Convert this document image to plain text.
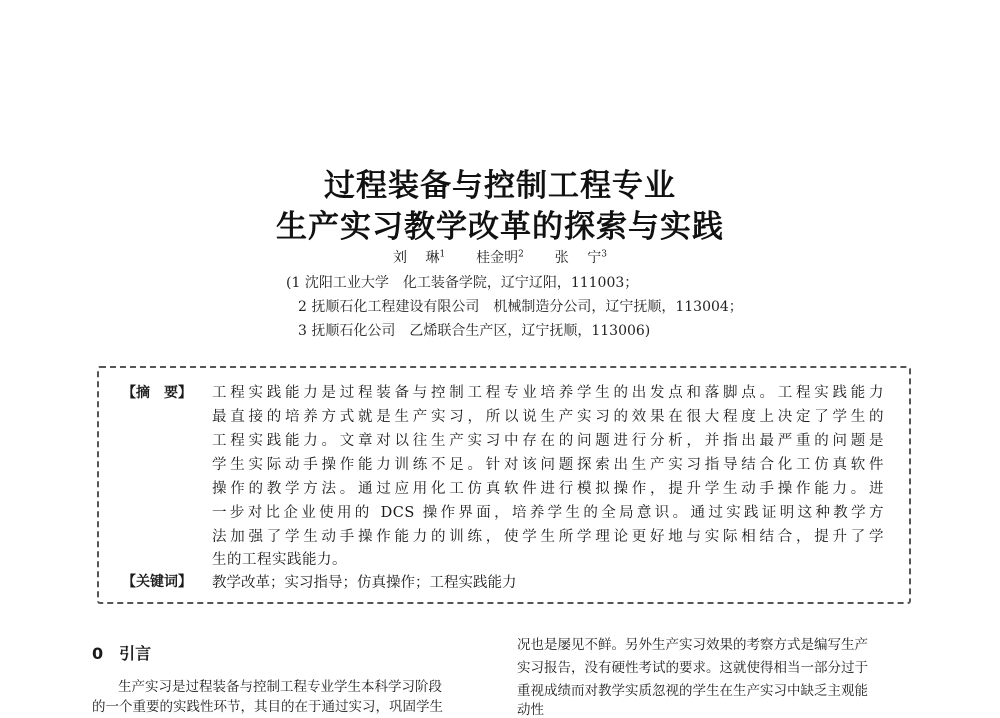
过程装备与控制工程专业
生产实习教学改革的探索与实践
刘　 琳$^1$ 桂金明$^2$ 张　 宁$^3$
(1 沈阳工业大学　化工装备学院，辽宁辽阳，111003；
2 抚顺石化工程建设有限公司　机械制造分公司，辽宁抚顺，113004；
3 抚顺石化公司　乙烯联合生产区，辽宁抚顺，113006)
【摘　要】 工程实践能力是过程装备与控制工程专业培养学生的出发点和落脚点。工程实践能力
最直接的培养方式就是生产实习，所以说生产实习的效果在很大程度上决定了学生的
工程实践能力。文章对以往生产实习中存在的问题进行分析，并指出最严重的问题是
学生实际动手操作能力训练不足。针对该问题探索出生产实习指导结合化工仿真软件
操作的教学方法。通过应用化工仿真软件进行模拟操作，提升学生动手操作能力。进
一步对比企业使用的 DCS 操作界面，培养学生的全局意识。通过实践证明这种教学方
法加强了学生动手操作能力的训练，使学生所学理论更好地与实际相结合，提升了学
生的工程实践能力。
【关键词】 教学改革；实习指导；仿真操作；工程实践能力
0　引言
生产实习是过程装备与控制工程专业学生本科学习阶段
的一个重要的实践性环节，其目的在于通过实习，巩固学生
况也是屡见不鲜。另外生产实习效果的考察方式是编写生产
实习报告，没有硬性考试的要求。这就使得相当一部分过于
重视成绩而对教学实质忽视的学生在生产实习中缺乏主观能
动性
